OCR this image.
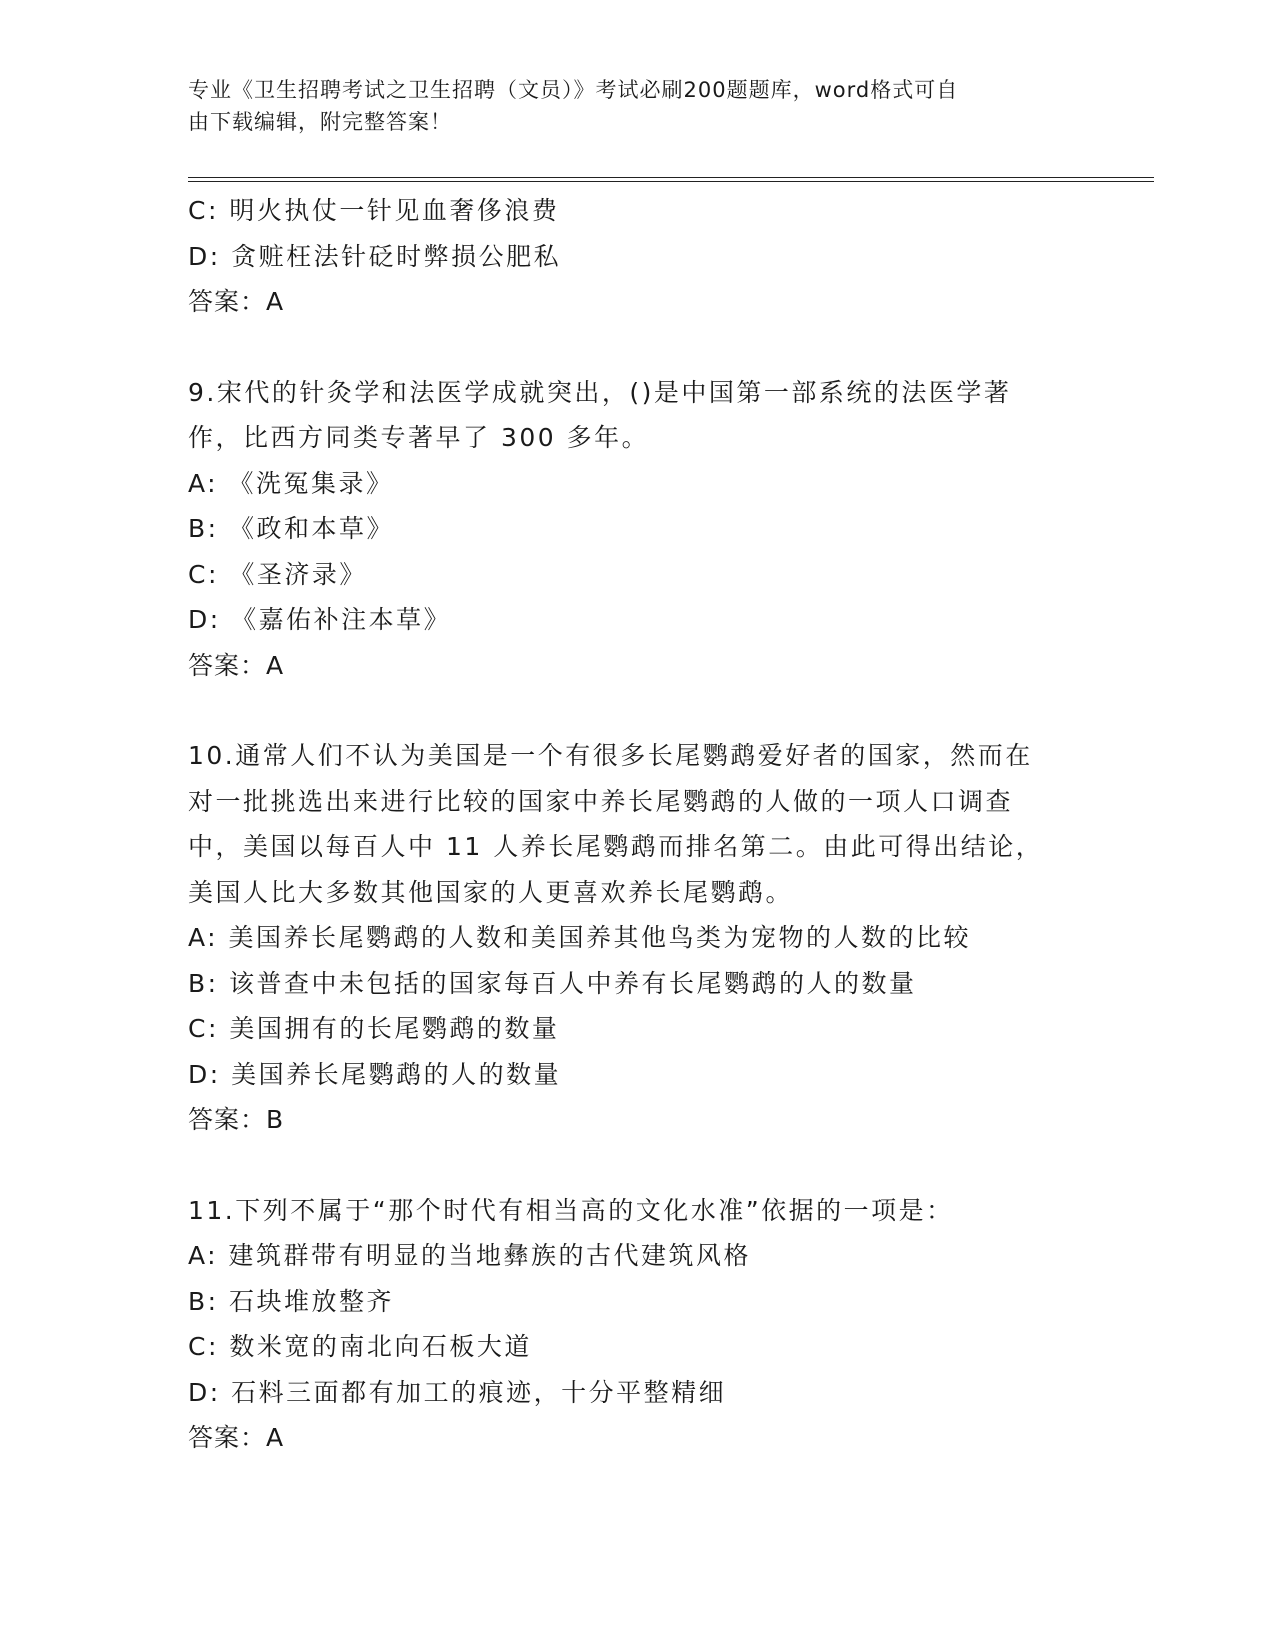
专业《卫生招聘考试之卫生招聘（文员）》考试必刷200题题库，word格式可自
由下载编辑，附完整答案！

C: 明火执仗一针见血奢侈浪费

D: 贪赃枉法针砭时弊损公肥私

答案：A

9.宋代的针灸学和法医学成就突出，()是中国第一部系统的法医学著

作，比西方同类专著早了 300 多年。

A: 《洗冤集录》

B: 《政和本草》

C: 《圣济录》

D: 《嘉佑补注本草》

答案：A

10.通常人们不认为美国是一个有很多长尾鹦鹉爱好者的国家，然而在

对一批挑选出来进行比较的国家中养长尾鹦鹉的人做的一项人口调查

中，美国以每百人中 11 人养长尾鹦鹉而排名第二。由此可得出结论，

美国人比大多数其他国家的人更喜欢养长尾鹦鹉。

A: 美国养长尾鹦鹉的人数和美国养其他鸟类为宠物的人数的比较

B: 该普查中未包括的国家每百人中养有长尾鹦鹉的人的数量

C: 美国拥有的长尾鹦鹉的数量

D: 美国养长尾鹦鹉的人的数量

答案：B

11.下列不属于“那个时代有相当高的文化水准”依据的一项是：

A: 建筑群带有明显的当地彝族的古代建筑风格

B: 石块堆放整齐

C: 数米宽的南北向石板大道

D: 石料三面都有加工的痕迹，十分平整精细

答案：A
